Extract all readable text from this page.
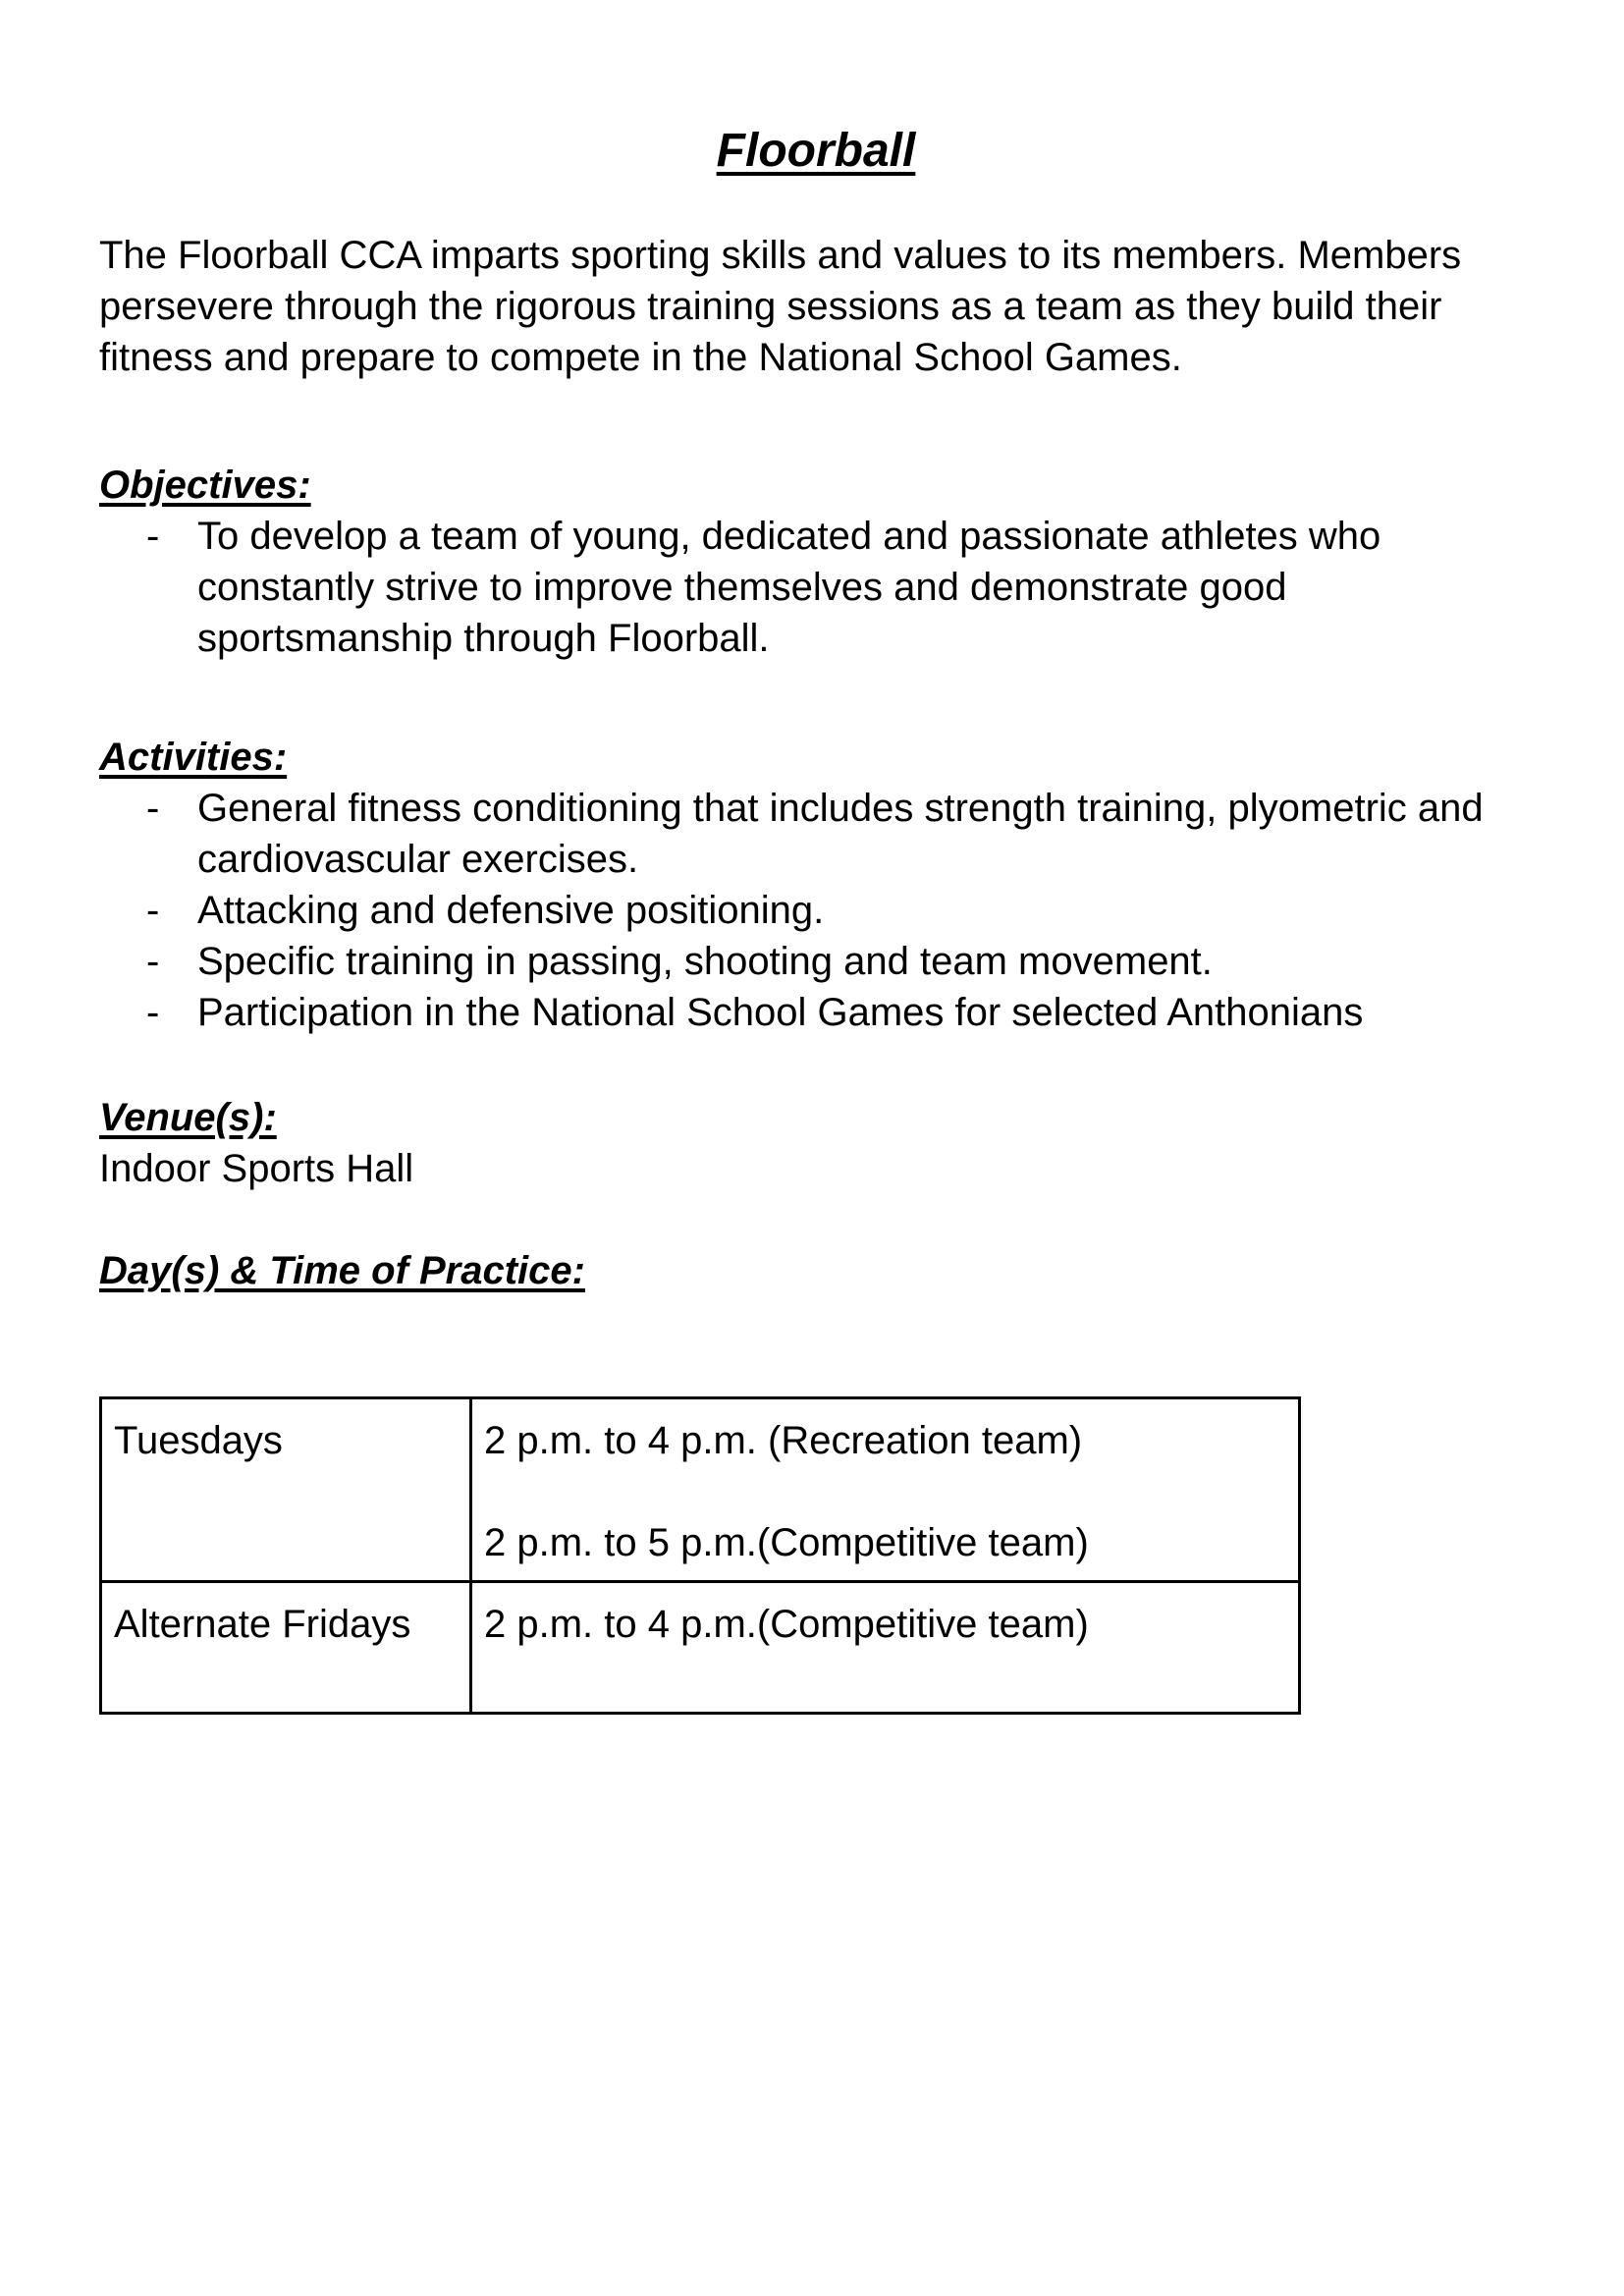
Floorball

The Floorball CCA imparts sporting skills and values to its members. Members persevere through the rigorous training sessions as a team as they build their fitness and prepare to compete in the National School Games.

Objectives:
- To develop a team of young, dedicated and passionate athletes who constantly strive to improve themselves and demonstrate good sportsmanship through Floorball.
Activities:
- General fitness conditioning that includes strength training, plyometric and cardiovascular exercises.
- Attacking and defensive positioning.
- Specific training in passing, shooting and team movement.
- Participation in the National School Games for selected Anthonians
Venue(s):

Indoor Sports Hall

Day(s) & Time of Practice:
Tuesdays	2 p.m. to 4 p.m. (Recreation team)
2 p.m. to 5 p.m.(Competitive team)

Alternate Fridays	2 p.m. to 4 p.m.(Competitive team)
